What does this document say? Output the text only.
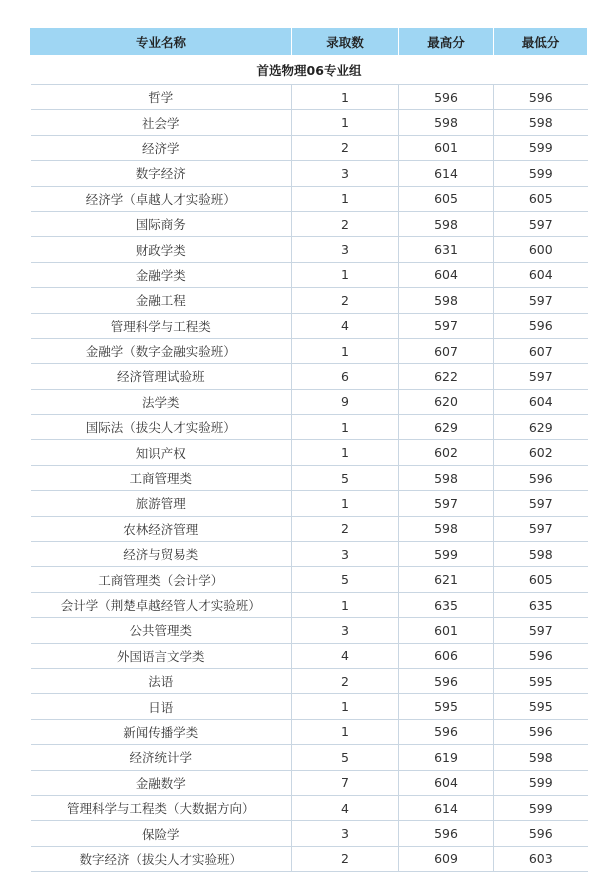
专业名称	录取数	最高分	最低分
首选物理06专业组			
哲学	1	596	596
社会学	1	598	598
经济学	2	601	599
数字经济	3	614	599
经济学（卓越人才实验班）	1	605	605
国际商务	2	598	597
财政学类	3	631	600
金融学类	1	604	604
金融工程	2	598	597
管理科学与工程类	4	597	596
金融学（数字金融实验班）	1	607	607
经济管理试验班	6	622	597
法学类	9	620	604
国际法（拔尖人才实验班）	1	629	629
知识产权	1	602	602
工商管理类	5	598	596
旅游管理	1	597	597
农林经济管理	2	598	597
经济与贸易类	3	599	598
工商管理类（会计学）	5	621	605
会计学（荆楚卓越经管人才实验班）	1	635	635
公共管理类	3	601	597
外国语言文学类	4	606	596
法语	2	596	595
日语	1	595	595
新闻传播学类	1	596	596
经济统计学	5	619	598
金融数学	7	604	599
管理科学与工程类（大数据方向）	4	614	599
保险学	3	596	596
数字经济（拔尖人才实验班）	2	609	603
